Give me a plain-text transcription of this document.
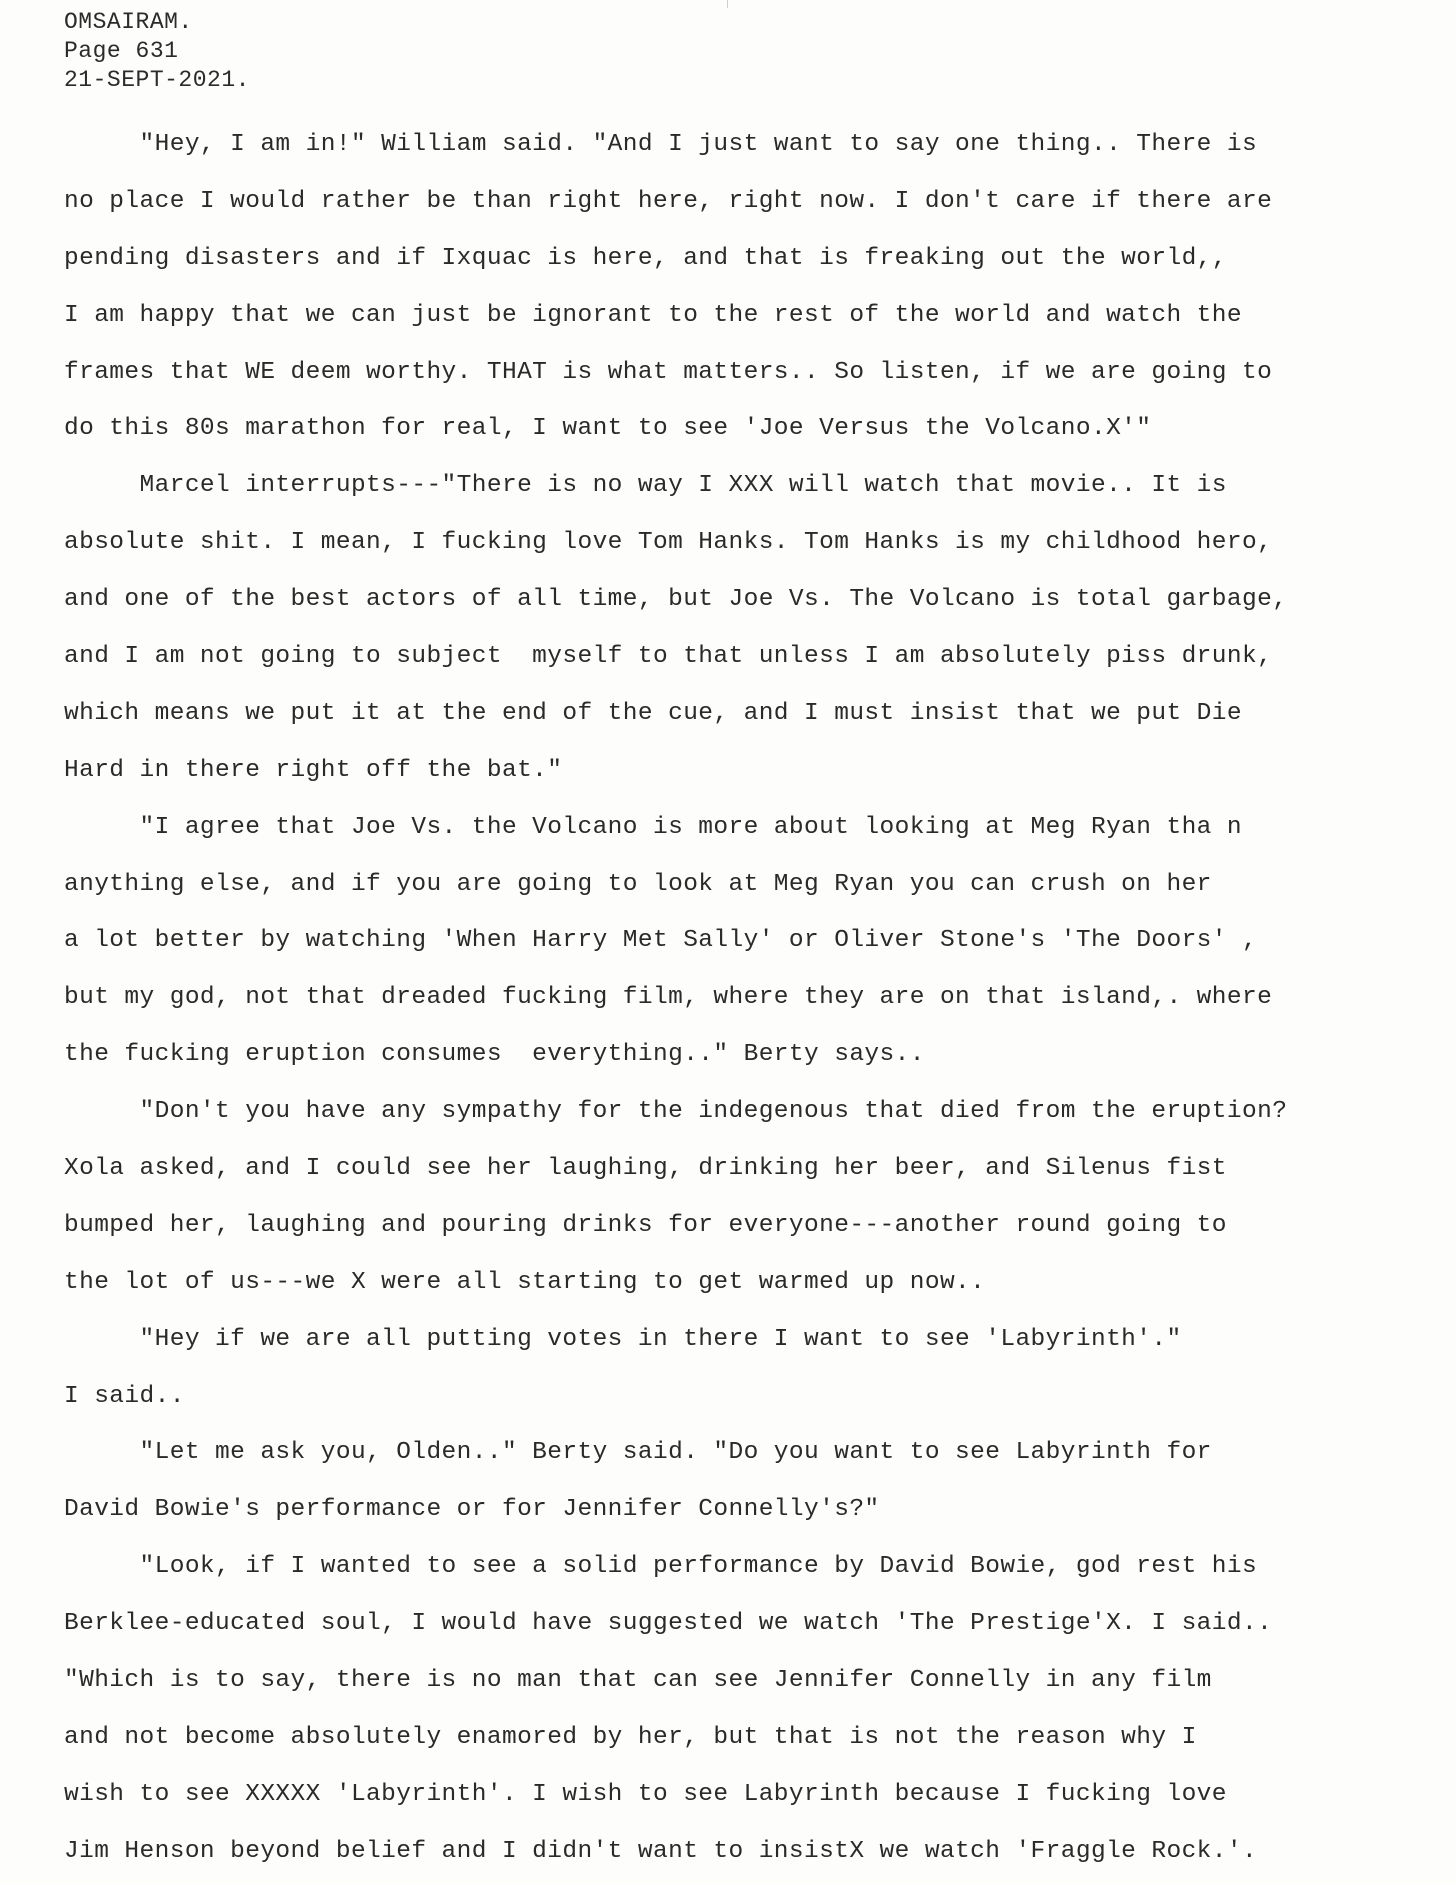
OMSAIRAM.
Page 631
21-SEPT-2021.
"Hey, I am in!" William said. "And I just want to say one thing.. There is
no place I would rather be than right here, right now. I don't care if there are
pending disasters and if Ixquac is here, and that is freaking out the world,,
I am happy that we can just be ignorant to the rest of the world and watch the
frames that WE deem worthy. THAT is what matters.. So listen, if we are going to
do this 80s marathon for real, I want to see 'Joe Versus the Volcano.X'"
Marcel interrupts---"There is no way I XXX will watch that movie.. It is
absolute shit. I mean, I fucking love Tom Hanks. Tom Hanks is my childhood hero,
and one of the best actors of all time, but Joe Vs. The Volcano is total garbage,
and I am not going to subject  myself to that unless I am absolutely piss drunk,
which means we put it at the end of the cue, and I must insist that we put Die
Hard in there right off the bat."
"I agree that Joe Vs. the Volcano is more about looking at Meg Ryan tha n
anything else, and if you are going to look at Meg Ryan you can crush on her
a lot better by watching 'When Harry Met Sally' or Oliver Stone's 'The Doors' ,
but my god, not that dreaded fucking film, where they are on that island,. where
the fucking eruption consumes  everything.." Berty says..
"Don't you have any sympathy for the indegenous that died from the eruption?
Xola asked, and I could see her laughing, drinking her beer, and Silenus fist
bumped her, laughing and pouring drinks for everyone---another round going to
the lot of us---we X were all starting to get warmed up now..
"Hey if we are all putting votes in there I want to see 'Labyrinth'."
I said..
"Let me ask you, Olden.." Berty said. "Do you want to see Labyrinth for
David Bowie's performance or for Jennifer Connelly's?"
"Look, if I wanted to see a solid performance by David Bowie, god rest his
Berklee-educated soul, I would have suggested we watch 'The Prestige'X. I said..
"Which is to say, there is no man that can see Jennifer Connelly in any film
and not become absolutely enamored by her, but that is not the reason why I
wish to see XXXXX 'Labyrinth'. I wish to see Labyrinth because I fucking love
Jim Henson beyond belief and I didn't want to insistX we watch 'Fraggle Rock.'.
